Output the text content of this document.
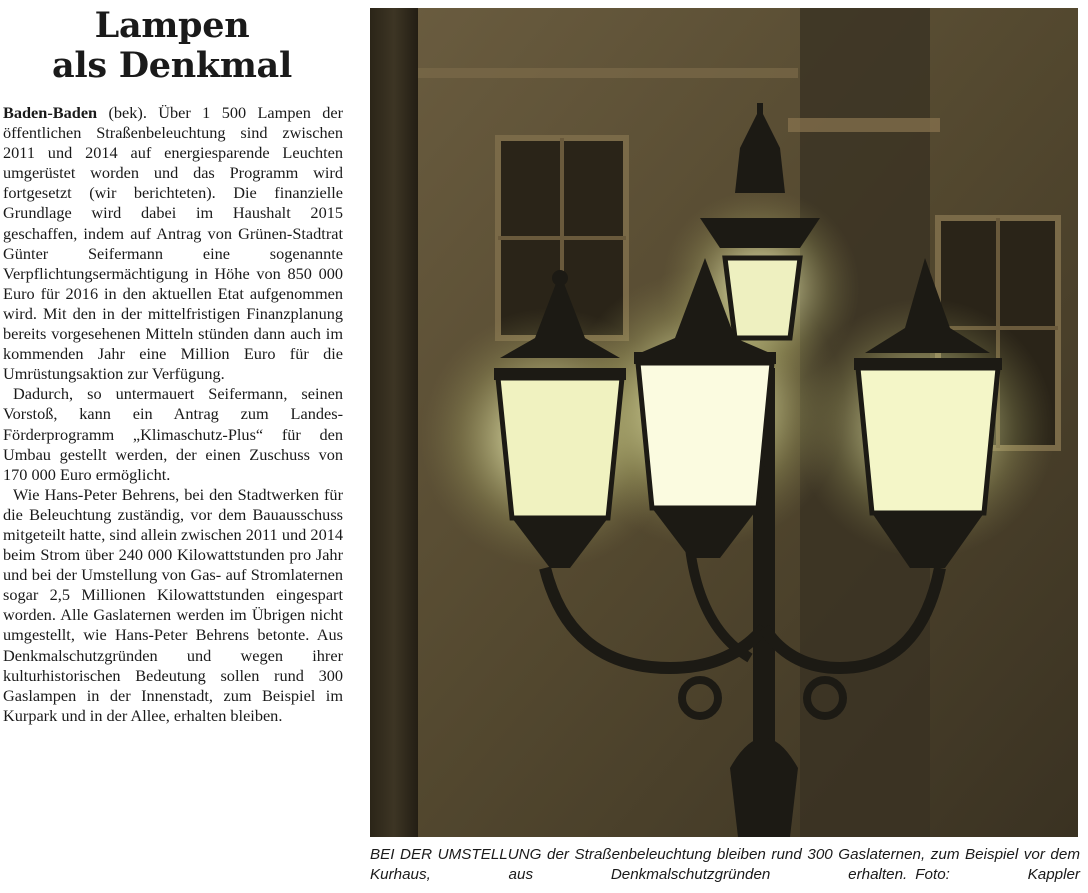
Lampen
als Denkmal

Baden-Baden (bek). Über 1 500 Lampen der öffentlichen Straßenbeleuchtung sind zwischen 2011 und 2014 auf energiesparende Leuchten umgerüstet worden und das Programm wird fortgesetzt (wir berichteten). Die finanzielle Grundlage wird dabei im Haushalt 2015 geschaffen, indem auf Antrag von Grünen-Stadtrat Günter Seifermann eine sogenannte Verpflichtungsermächtigung in Höhe von 850 000 Euro für 2016 in den aktuellen Etat aufgenommen wird. Mit den in der mittelfristigen Finanzplanung bereits vorgesehenen Mitteln stünden dann auch im kommenden Jahr eine Million Euro für die Umrüstungsaktion zur Verfügung.

Dadurch, so untermauert Seifermann, seinen Vorstoß, kann ein Antrag zum Landes-Förderprogramm „Klimaschutz-Plus“ für den Umbau gestellt werden, der einen Zuschuss von 170 000 Euro ermöglicht.

Wie Hans-Peter Behrens, bei den Stadtwerken für die Beleuchtung zuständig, vor dem Bauausschuss mitgeteilt hatte, sind allein zwischen 2011 und 2014 beim Strom über 240 000 Kilowattstunden pro Jahr und bei der Umstellung von Gas- auf Stromlaternen sogar 2,5 Millionen Kilowattstunden eingespart worden. Alle Gaslaternen werden im Übrigen nicht umgestellt, wie Hans-Peter Behrens betonte. Aus Denkmalschutzgründen und wegen ihrer kulturhistorischen Bedeutung sollen rund 300 Gaslampen in der Innenstadt, zum Beispiel im Kurpark und in der Allee, erhalten bleiben.

BEI DER UMSTELLUNG der Straßenbeleuchtung bleiben rund 300 Gaslaternen, zum Beispiel vor dem Kurhaus, aus Denkmalschutzgründen erhalten. Foto: Kappler
